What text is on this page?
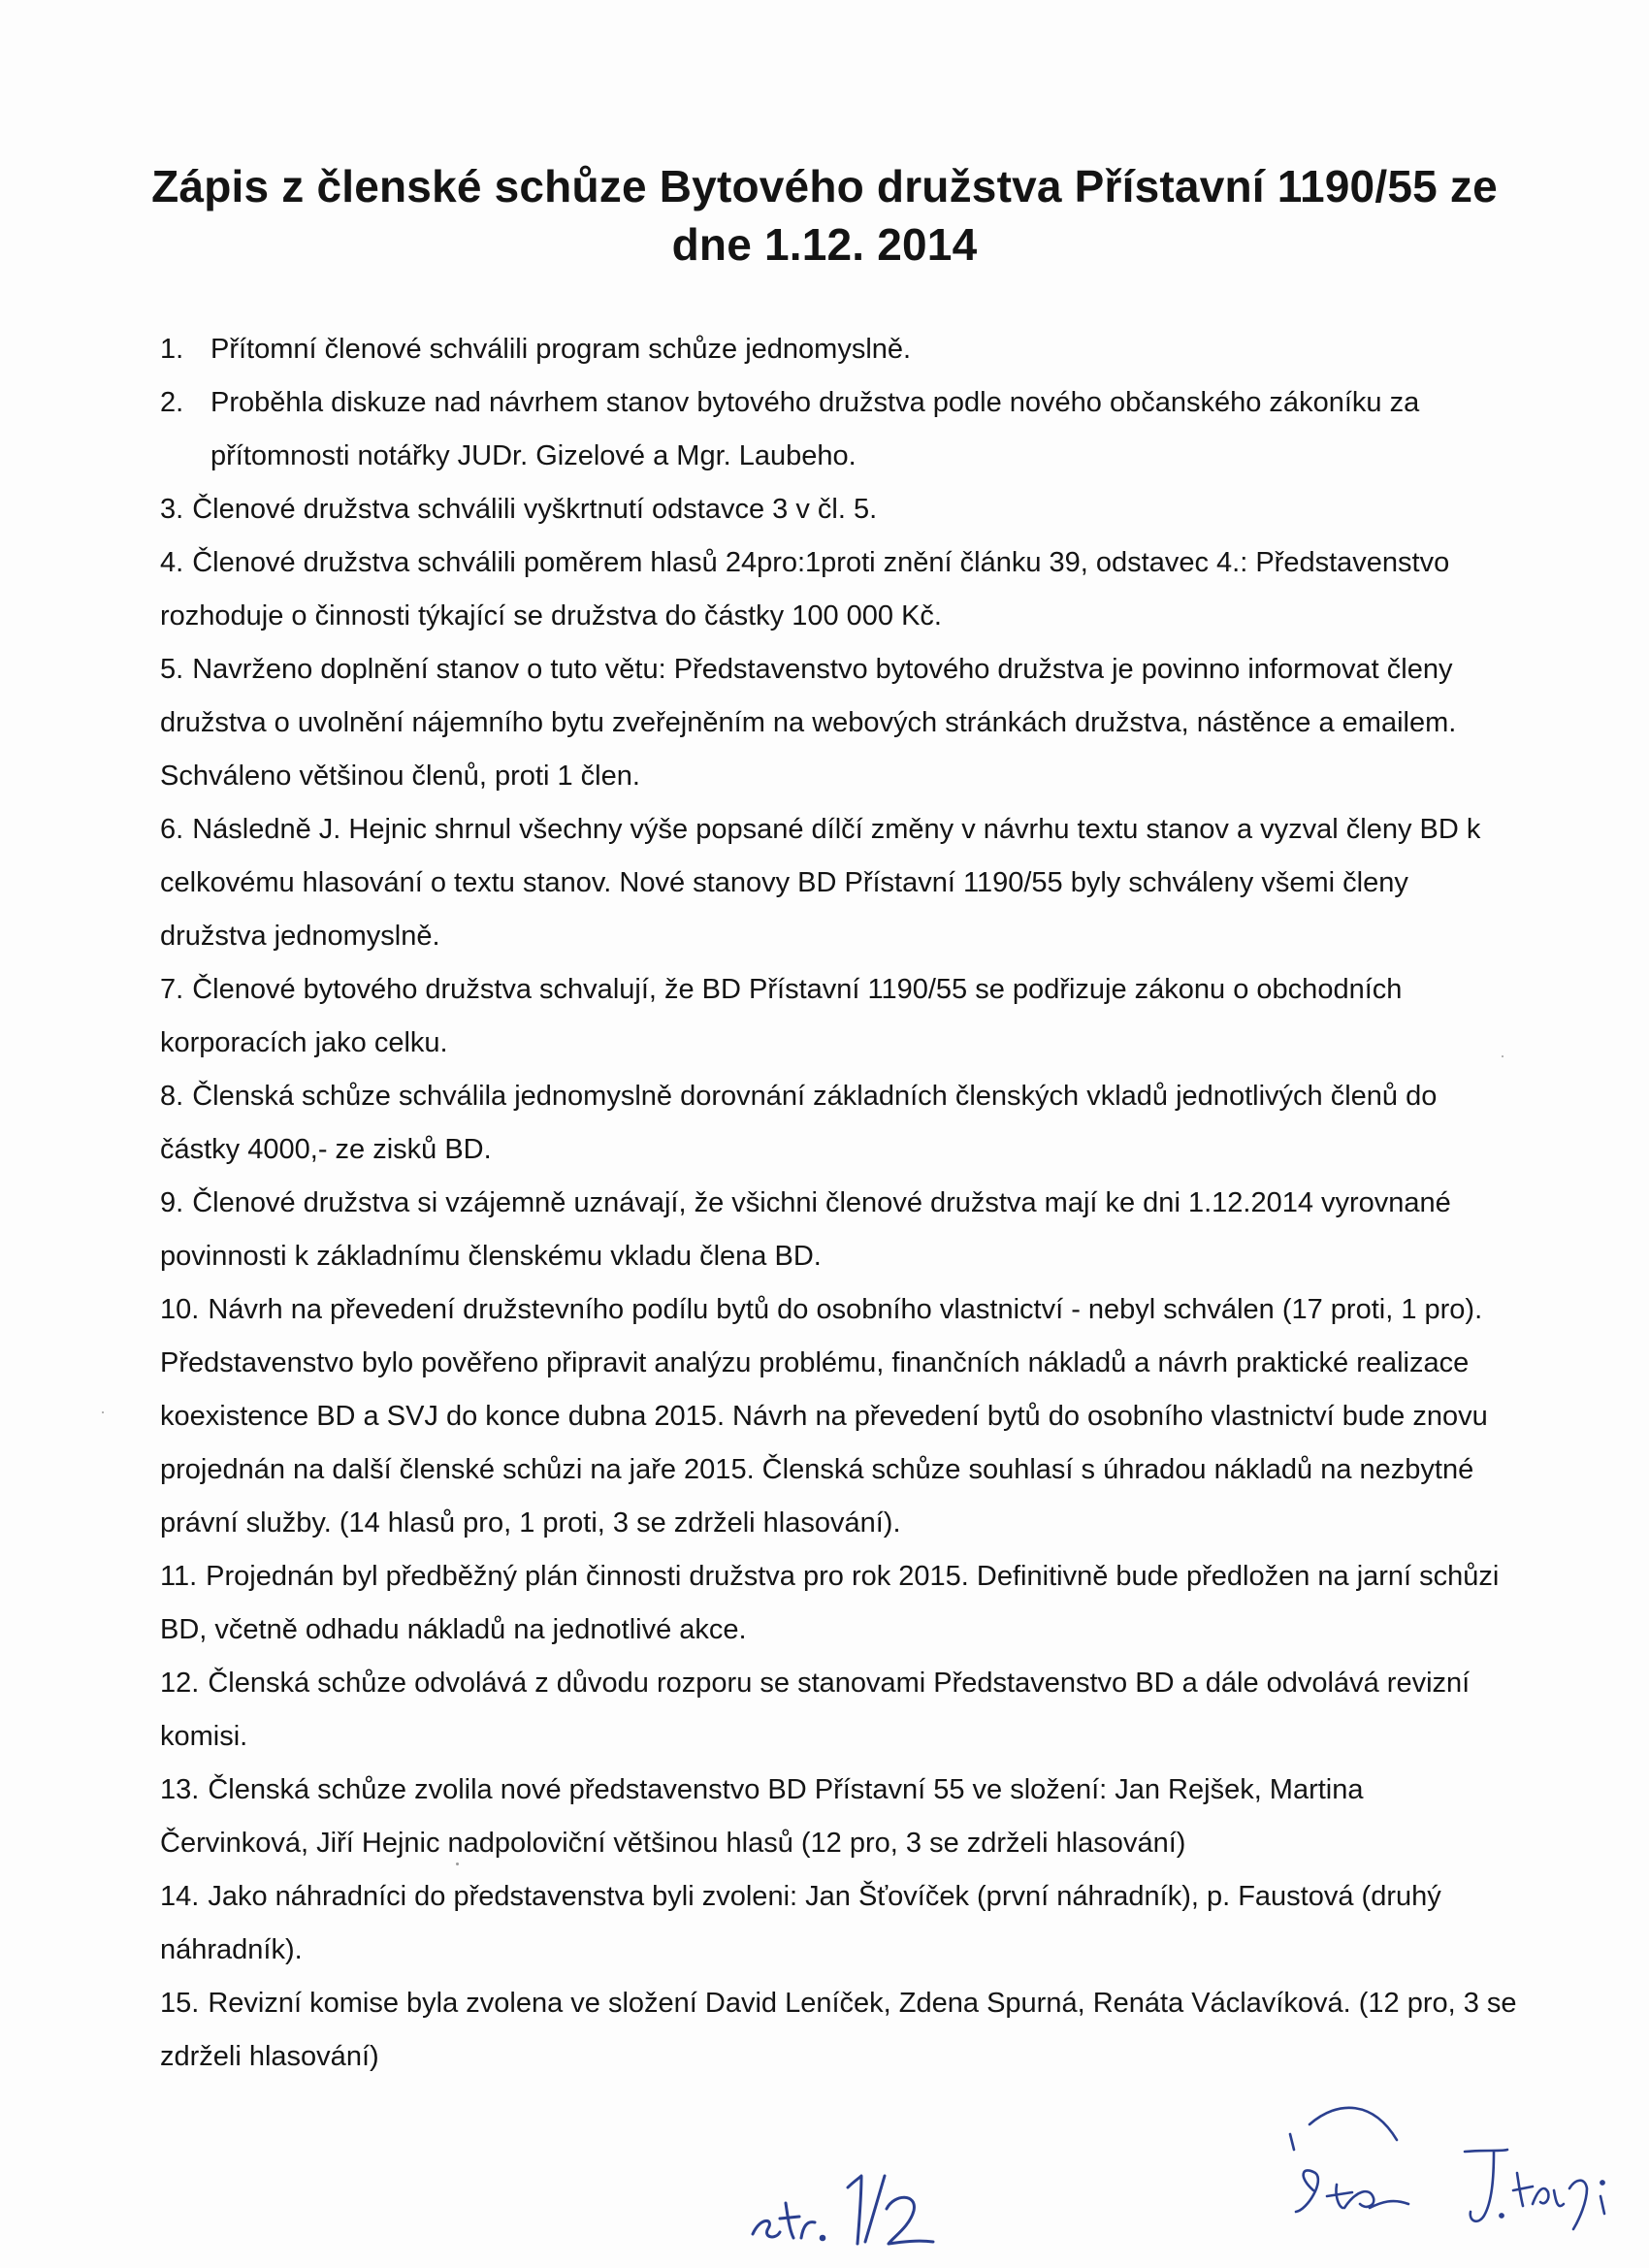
Zápis z členské schůze Bytového družstva Přístavní 1190/55 ze
dne 1.12. 2014

1. Přítomní členové schválili program schůze jednomyslně.

2. Proběhla diskuze nad návrhem stanov bytového družstva podle nového občanského zákoníku za přítomnosti notářky JUDr. Gizelové a Mgr. Laubeho.

3. Členové družstva schválili vyškrtnutí odstavce 3 v čl. 5.

4. Členové družstva schválili poměrem hlasů 24pro:1proti znění článku 39, odstavec 4.: Představenstvo rozhoduje o činnosti týkající se družstva do částky 100 000 Kč.

5. Navrženo doplnění stanov o tuto větu: Představenstvo bytového družstva je povinno informovat členy družstva o uvolnění nájemního bytu zveřejněním na webových stránkách družstva, nástěnce a emailem. Schváleno většinou členů, proti 1 člen.

6. Následně J. Hejnic shrnul všechny výše popsané dílčí změny v návrhu textu stanov a vyzval členy BD k celkovému hlasování o textu stanov. Nové stanovy BD Přístavní 1190/55 byly schváleny všemi členy družstva jednomyslně.

7. Členové bytového družstva schvalují, že BD Přístavní 1190/55 se podřizuje zákonu o obchodních korporacích jako celku.

8. Členská schůze schválila jednomyslně dorovnání základních členských vkladů jednotlivých členů do částky 4000,- ze zisků BD.

9. Členové družstva si vzájemně uznávají, že všichni členové družstva mají ke dni 1.12.2014 vyrovnané povinnosti k základnímu členskému vkladu člena BD.

10. Návrh na převedení družstevního podílu bytů do osobního vlastnictví - nebyl schválen (17 proti, 1 pro). Představenstvo bylo pověřeno připravit analýzu problému, finančních nákladů a návrh praktické realizace koexistence BD a SVJ do konce dubna 2015. Návrh na převedení bytů do osobního vlastnictví bude znovu projednán na další členské schůzi na jaře 2015. Členská schůze souhlasí s úhradou nákladů na nezbytné právní služby. (14 hlasů pro, 1 proti, 3 se zdrželi hlasování).

11. Projednán byl předběžný plán činnosti družstva pro rok 2015. Definitivně bude předložen na jarní schůzi BD, včetně odhadu nákladů na jednotlivé akce.

12. Členská schůze odvolává z důvodu rozporu se stanovami Představenstvo BD a dále odvolává revizní komisi.

13. Členská schůze zvolila nové představenstvo BD Přístavní 55 ve složení: Jan Rejšek, Martina Červinková, Jiří Hejnic nadpoloviční většinou hlasů (12 pro, 3 se zdrželi hlasování)

14. Jako náhradníci do představenstva byli zvoleni: Jan Šťovíček (první náhradník), p. Faustová (druhý náhradník).

15. Revizní komise byla zvolena ve složení David Leníček, Zdena Spurná, Renáta Václavíková. (12 pro, 3 se zdrželi hlasování)
